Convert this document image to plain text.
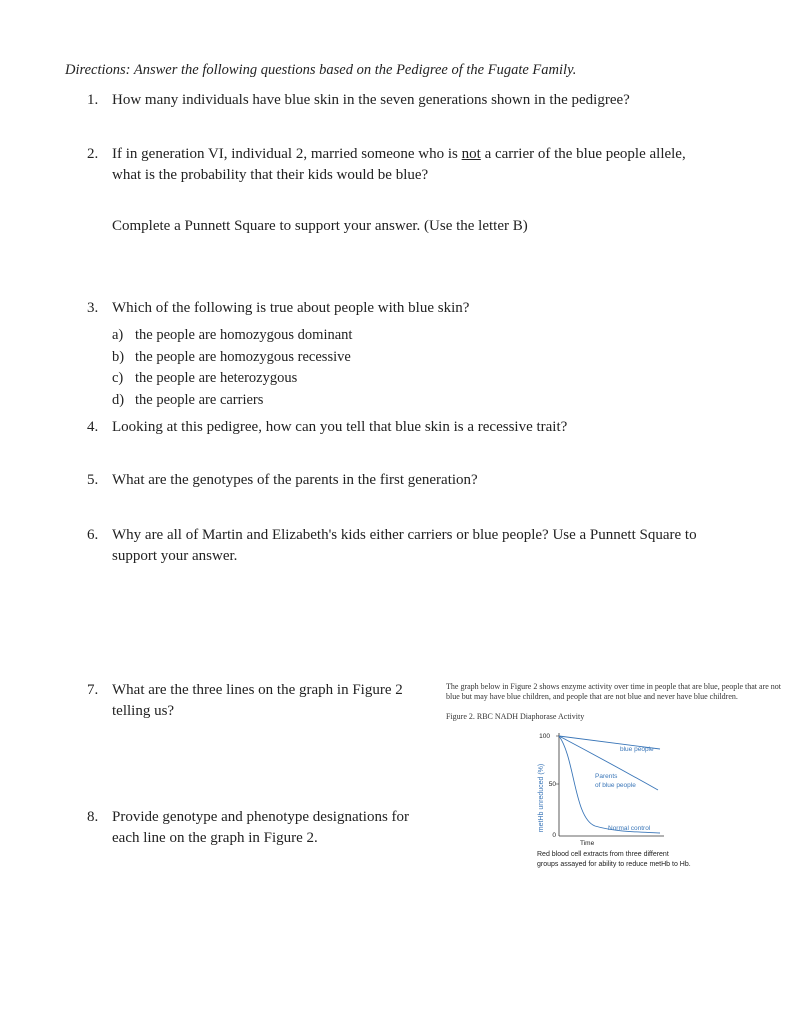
Directions: Answer the following questions based on the Pedigree of the Fugate Family.
1. How many individuals have blue skin in the seven generations shown in the pedigree?
2. If in generation VI, individual 2, married someone who is not a carrier of the blue people allele,
what is the probability that their kids would be blue?
Complete a Punnett Square to support your answer. (Use the letter B)
3. Which of the following is true about people with blue skin?
a) the people are homozygous dominant
b) the people are homozygous recessive
c) the people are heterozygous
d) the people are carriers
4. Looking at this pedigree, how can you tell that blue skin is a recessive trait?
5. What are the genotypes of the parents in the first generation?
6. Why are all of Martin and Elizabeth's kids either carriers or blue people? Use a Punnett Square to
support your answer.
7. What are the three lines on the graph in Figure 2
telling us?
8. Provide genotype and phenotype designations for
each line on the graph in Figure 2.
The graph below in Figure 2 shows enzyme activity over time in people that are blue, people that are not blue but may have blue children, and people that are not blue and never have blue children.
Figure 2. RBC NADH Diaphorase Activity
100
50
0
Time
metHb unreduced (%)
blue people
Parents
of blue people
Normal control
Red blood cell extracts from three different
groups assayed for ability to reduce metHb to Hb.
